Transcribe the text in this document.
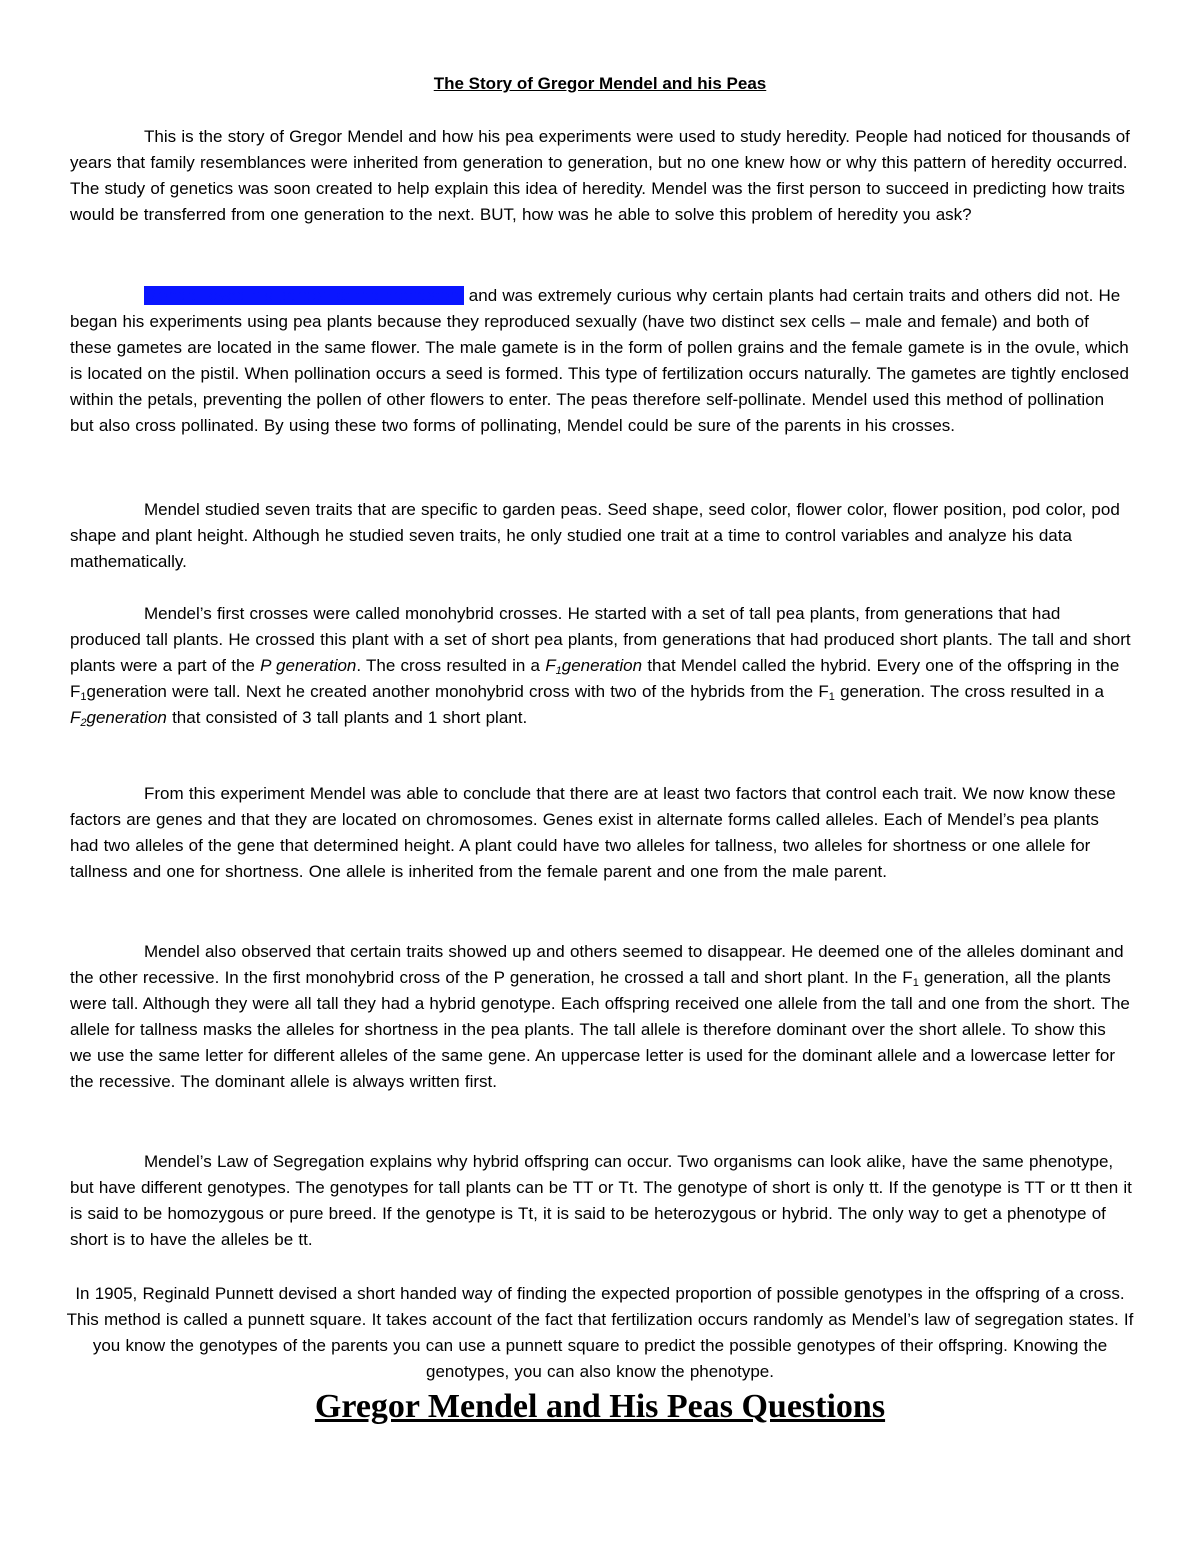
The Story of Gregor Mendel and his Peas

This is the story of Gregor Mendel and how his pea experiments were used to study heredity. People had noticed for thousands of years that family resemblances were inherited from generation to generation, but no one knew how or why this pattern of heredity occurred. The study of genetics was soon created to help explain this idea of heredity. Mendel was the first person to succeed in predicting how traits would be transferred from one generation to the next. BUT, how was he able to solve this problem of heredity you ask?

Mendel loved his garden at the monastery and was extremely curious why certain plants had certain traits and others did not. He began his experiments using pea plants because they reproduced sexually (have two distinct sex cells – male and female) and both of these gametes are located in the same flower. The male gamete is in the form of pollen grains and the female gamete is in the ovule, which is located on the pistil. When pollination occurs a seed is formed. This type of fertilization occurs naturally. The gametes are tightly enclosed within the petals, preventing the pollen of other flowers to enter. The peas therefore self-pollinate. Mendel used this method of pollination but also cross pollinated. By using these two forms of pollinating, Mendel could be sure of the parents in his crosses.

Mendel studied seven traits that are specific to garden peas. Seed shape, seed color, flower color, flower position, pod color, pod shape and plant height. Although he studied seven traits, he only studied one trait at a time to control variables and analyze his data mathematically.

Mendel’s first crosses were called monohybrid crosses. He started with a set of tall pea plants, from generations that had produced tall plants. He crossed this plant with a set of short pea plants, from generations that had produced short plants. The tall and short plants were a part of the P generation. The cross resulted in a $F_1generation$ that Mendel called the hybrid. Every one of the offspring in the $F_1generation$ were tall. Next he created another monohybrid cross with two of the hybrids from the $F_1$ generation. The cross resulted in a $F_2generation$ that consisted of 3 tall plants and 1 short plant.

From this experiment Mendel was able to conclude that there are at least two factors that control each trait. We now know these factors are genes and that they are located on chromosomes. Genes exist in alternate forms called alleles. Each of Mendel’s pea plants had two alleles of the gene that determined height. A plant could have two alleles for tallness, two alleles for shortness or one allele for tallness and one for shortness. One allele is inherited from the female parent and one from the male parent.

Mendel also observed that certain traits showed up and others seemed to disappear. He deemed one of the alleles dominant and the other recessive. In the first monohybrid cross of the P generation, he crossed a tall and short plant. In the $F_1$ generation, all the plants were tall. Although they were all tall they had a hybrid genotype. Each offspring received one allele from the tall and one from the short. The allele for tallness masks the alleles for shortness in the pea plants. The tall allele is therefore dominant over the short allele. To show this we use the same letter for different alleles of the same gene. An uppercase letter is used for the dominant allele and a lowercase letter for the recessive. The dominant allele is always written first.

Mendel’s Law of Segregation explains why hybrid offspring can occur. Two organisms can look alike, have the same phenotype, but have different genotypes. The genotypes for tall plants can be TT or Tt. The genotype of short is only tt. If the genotype is TT or tt then it is said to be homozygous or pure breed. If the genotype is Tt, it is said to be heterozygous or hybrid. The only way to get a phenotype of short is to have the alleles be tt.

In 1905, Reginald Punnett devised a short handed way of finding the expected proportion of possible genotypes in the offspring of a cross. This method is called a punnett square. It takes account of the fact that fertilization occurs randomly as Mendel’s law of segregation states. If you know the genotypes of the parents you can use a punnett square to predict the possible genotypes of their offspring. Knowing the genotypes, you can also know the phenotype.

Gregor Mendel and His Peas Questions
